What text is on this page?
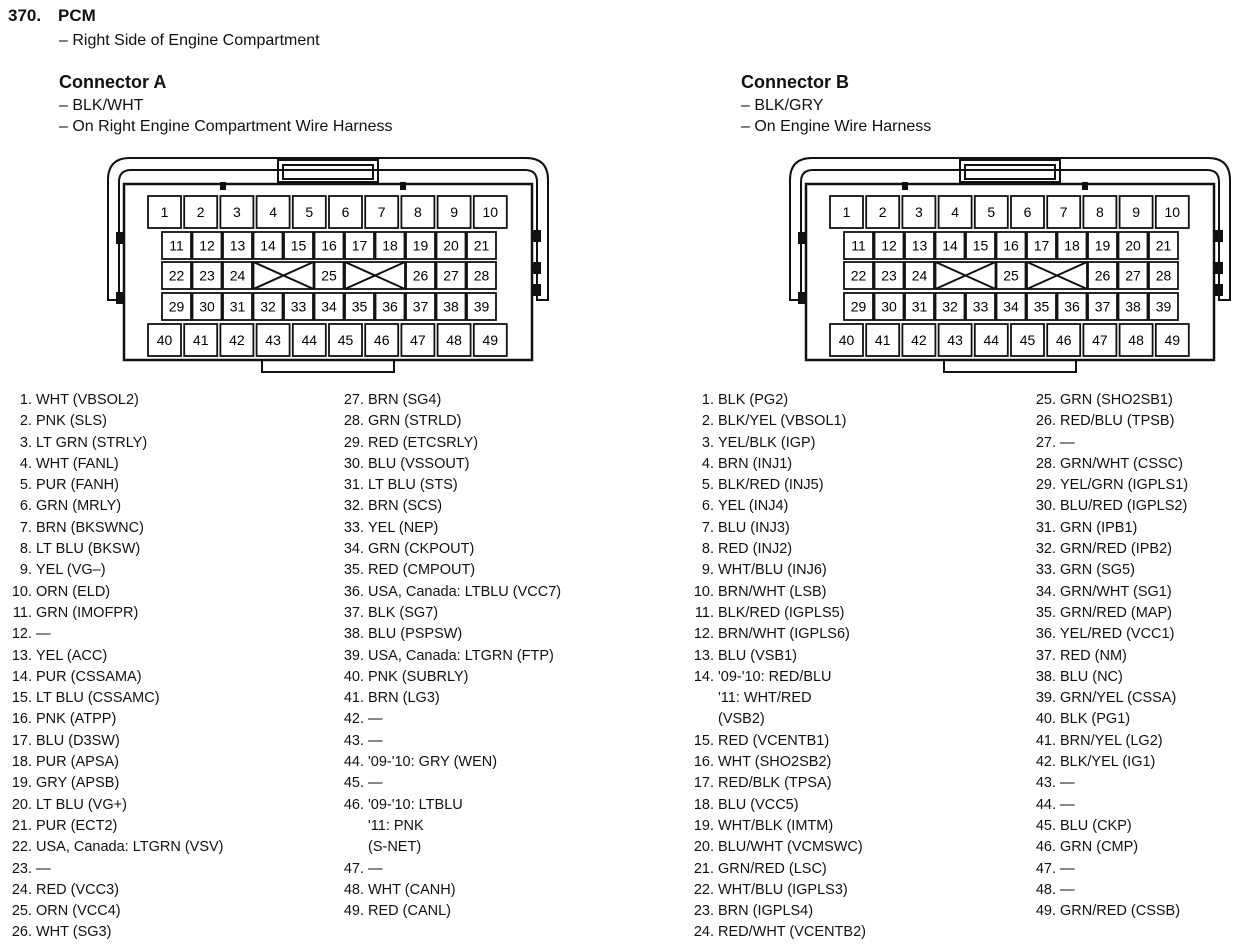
370. PCM
– Right Side of Engine Compartment
Connector A
– BLK/WHT
– On Right Engine Compartment Wire Harness
Connector B
– BLK/GRY
– On Engine Wire Harness
1 2 3 4 5 6 7 8 9 10
11 12 13 14 15 16 17 18 19 20 21
22 23 24	25	26 27 28
29 30 31 32 33 34 35 36 37 38 39
40 41 42 43 44 45 46 47 48 49
1 2 3 4 5 6 7 8 9 10
11 12 13 14 15 16 17 18 19 20 21
22 23 24	25	26 27 28
29 30 31 32 33 34 35 36 37 38 39
40 41 42 43 44 45 46 47 48 49
1. WHT (VBSOL2)
2. PNK (SLS)
3. LT GRN (STRLY)
4. WHT (FANL)
5. PUR (FANH)
6. GRN (MRLY)
7. BRN (BKSWNC)
8. LT BLU (BKSW)
9. YEL (VG–)
10. ORN (ELD)
11. GRN (IMOFPR)
12. —
13. YEL (ACC)
14. PUR (CSSAMA)
15. LT BLU (CSSAMC)
16. PNK (ATPP)
17. BLU (D3SW)
18. PUR (APSA)
19. GRY (APSB)
20. LT BLU (VG+)
21. PUR (ECT2)
22. USA, Canada: LTGRN (VSV)
23. —
24. RED (VCC3)
25. ORN (VCC4)
26. WHT (SG3)
27. BRN (SG4)
28. GRN (STRLD)
29. RED (ETCSRLY)
30. BLU (VSSOUT)
31. LT BLU (STS)
32. BRN (SCS)
33. YEL (NEP)
34. GRN (CKPOUT)
35. RED (CMPOUT)
36. USA, Canada: LTBLU (VCC7)
37. BLK (SG7)
38. BLU (PSPSW)
39. USA, Canada: LTGRN (FTP)
40. PNK (SUBRLY)
41. BRN (LG3)
42. —
43. —
44. '09-'10: GRY (WEN)
45. —
46. '09-'10: LTBLU
'11: PNK
(S-NET)
47. —
48. WHT (CANH)
49. RED (CANL)
1. BLK (PG2)
2. BLK/YEL (VBSOL1)
3. YEL/BLK (IGP)
4. BRN (INJ1)
5. BLK/RED (INJ5)
6. YEL (INJ4)
7. BLU (INJ3)
8. RED (INJ2)
9. WHT/BLU (INJ6)
10. BRN/WHT (LSB)
11. BLK/RED (IGPLS5)
12. BRN/WHT (IGPLS6)
13. BLU (VSB1)
14. '09-'10: RED/BLU
'11: WHT/RED
(VSB2)
15. RED (VCENTB1)
16. WHT (SHO2SB2)
17. RED/BLK (TPSA)
18. BLU (VCC5)
19. WHT/BLK (IMTM)
20. BLU/WHT (VCMSWC)
21. GRN/RED (LSC)
22. WHT/BLU (IGPLS3)
23. BRN (IGPLS4)
24. RED/WHT (VCENTB2)
25. GRN (SHO2SB1)
26. RED/BLU (TPSB)
27. —
28. GRN/WHT (CSSC)
29. YEL/GRN (IGPLS1)
30. BLU/RED (IGPLS2)
31. GRN (IPB1)
32. GRN/RED (IPB2)
33. GRN (SG5)
34. GRN/WHT (SG1)
35. GRN/RED (MAP)
36. YEL/RED (VCC1)
37. RED (NM)
38. BLU (NC)
39. GRN/YEL (CSSA)
40. BLK (PG1)
41. BRN/YEL (LG2)
42. BLK/YEL (IG1)
43. —
44. —
45. BLU (CKP)
46. GRN (CMP)
47. —
48. —
49. GRN/RED (CSSB)
